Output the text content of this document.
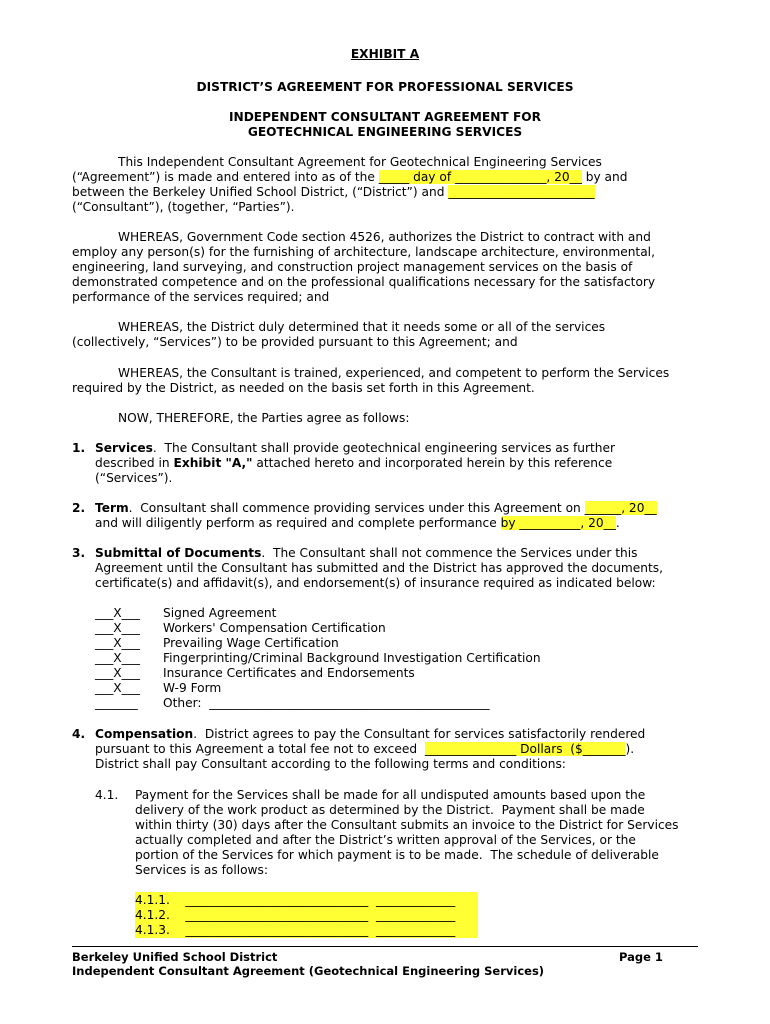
EXHIBIT A
DISTRICT’S AGREEMENT FOR PROFESSIONAL SERVICES
INDEPENDENT CONSULTANT AGREEMENT FOR
GEOTECHNICAL ENGINEERING SERVICES
This Independent Consultant Agreement for Geotechnical Engineering Services
(“Agreement”) is made and entered into as of the _____ day of _______________, 20__ by and
between the Berkeley Unified School District, (“District”) and ________________________
(“Consultant”), (together, “Parties”).
WHEREAS, Government Code section 4526, authorizes the District to contract with and
employ any person(s) for the furnishing of architecture, landscape architecture, environmental,
engineering, land surveying, and construction project management services on the basis of
demonstrated competence and on the professional qualifications necessary for the satisfactory
performance of the services required; and
WHEREAS, the District duly determined that it needs some or all of the services
(collectively, “Services”) to be provided pursuant to this Agreement; and
WHEREAS, the Consultant is trained, experienced, and competent to perform the Services
required by the District, as needed on the basis set forth in this Agreement.
NOW, THEREFORE, the Parties agree as follows:
1. Services.  The Consultant shall provide geotechnical engineering services as further
described in Exhibit "A," attached hereto and incorporated herein by this reference
(“Services”).
2. Term.  Consultant shall commence providing services under this Agreement on ______, 20__
and will diligently perform as required and complete performance by __________, 20__.
3. Submittal of Documents.  The Consultant shall not commence the Services under this
Agreement until the Consultant has submitted and the District has approved the documents,
certificate(s) and affidavit(s), and endorsement(s) of insurance required as indicated below:
___X___ Signed Agreement
___X___ Workers' Compensation Certification
___X___ Prevailing Wage Certification
___X___ Fingerprinting/Criminal Background Investigation Certification
___X___ Insurance Certificates and Endorsements
___X___ W-9 Form
_______ Other:  ______________________________________________
4. Compensation.  District agrees to pay the Consultant for services satisfactorily rendered
pursuant to this Agreement a total fee not to exceed  _______________ Dollars  ($_______).
District shall pay Consultant according to the following terms and conditions:
4.1. Payment for the Services shall be made for all undisputed amounts based upon the
delivery of the work product as determined by the District.  Payment shall be made
within thirty (30) days after the Consultant submits an invoice to the District for Services
actually completed and after the District’s written approval of the Services, or the
portion of the Services for which payment is to be made.  The schedule of deliverable
Services is as follows:
4.1.1.    ______________________________  _____________
4.1.2.    ______________________________  _____________
4.1.3.    ______________________________  _____________
Berkeley Unified School District	Page 1
Independent Consultant Agreement (Geotechnical Engineering Services)
